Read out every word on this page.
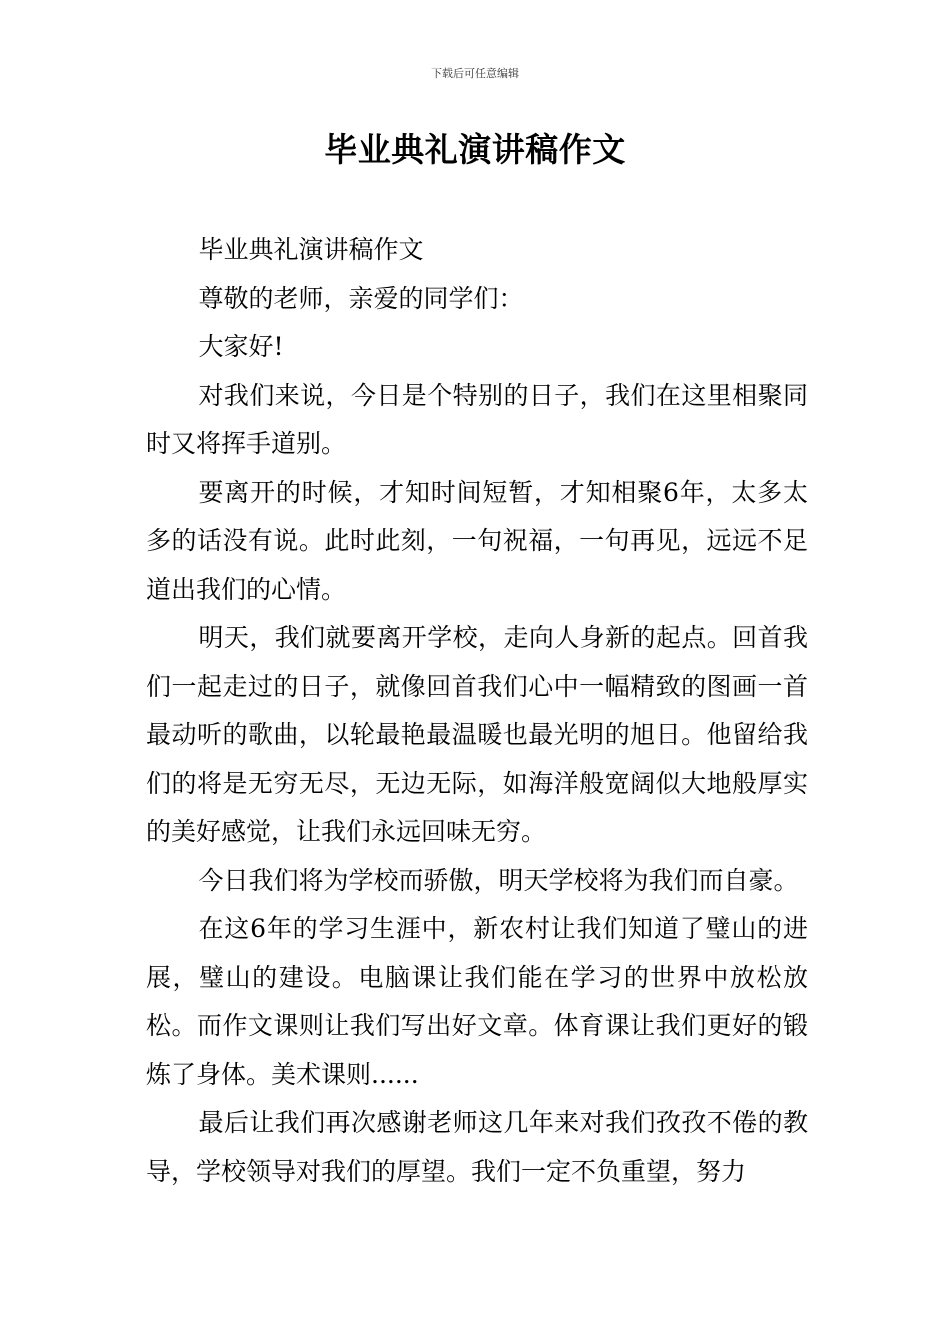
下载后可任意编辑
毕业典礼演讲稿作文

毕业典礼演讲稿作文

尊敬的老师，亲爱的同学们：

大家好!

对我们来说，今日是个特别的日子，我们在这里相聚同时又将挥手道别。

要离开的时候，才知时间短暂，才知相聚6年，太多太多的话没有说。此时此刻，一句祝福，一句再见，远远不足道出我们的心情。

明天，我们就要离开学校，走向人身新的起点。回首我们一起走过的日子，就像回首我们心中一幅精致的图画一首最动听的歌曲，以轮最艳最温暖也最光明的旭日。他留给我们的将是无穷无尽，无边无际，如海洋般宽阔似大地般厚实的美好感觉，让我们永远回味无穷。

今日我们将为学校而骄傲，明天学校将为我们而自豪。

在这6年的学习生涯中，新农村让我们知道了璧山的进展，璧山的建设。电脑课让我们能在学习的世界中放松放松。而作文课则让我们写出好文章。体育课让我们更好的锻炼了身体。美术课则......

最后让我们再次感谢老师这几年来对我们孜孜不倦的教导，学校领导对我们的厚望。我们一定不负重望，努力
